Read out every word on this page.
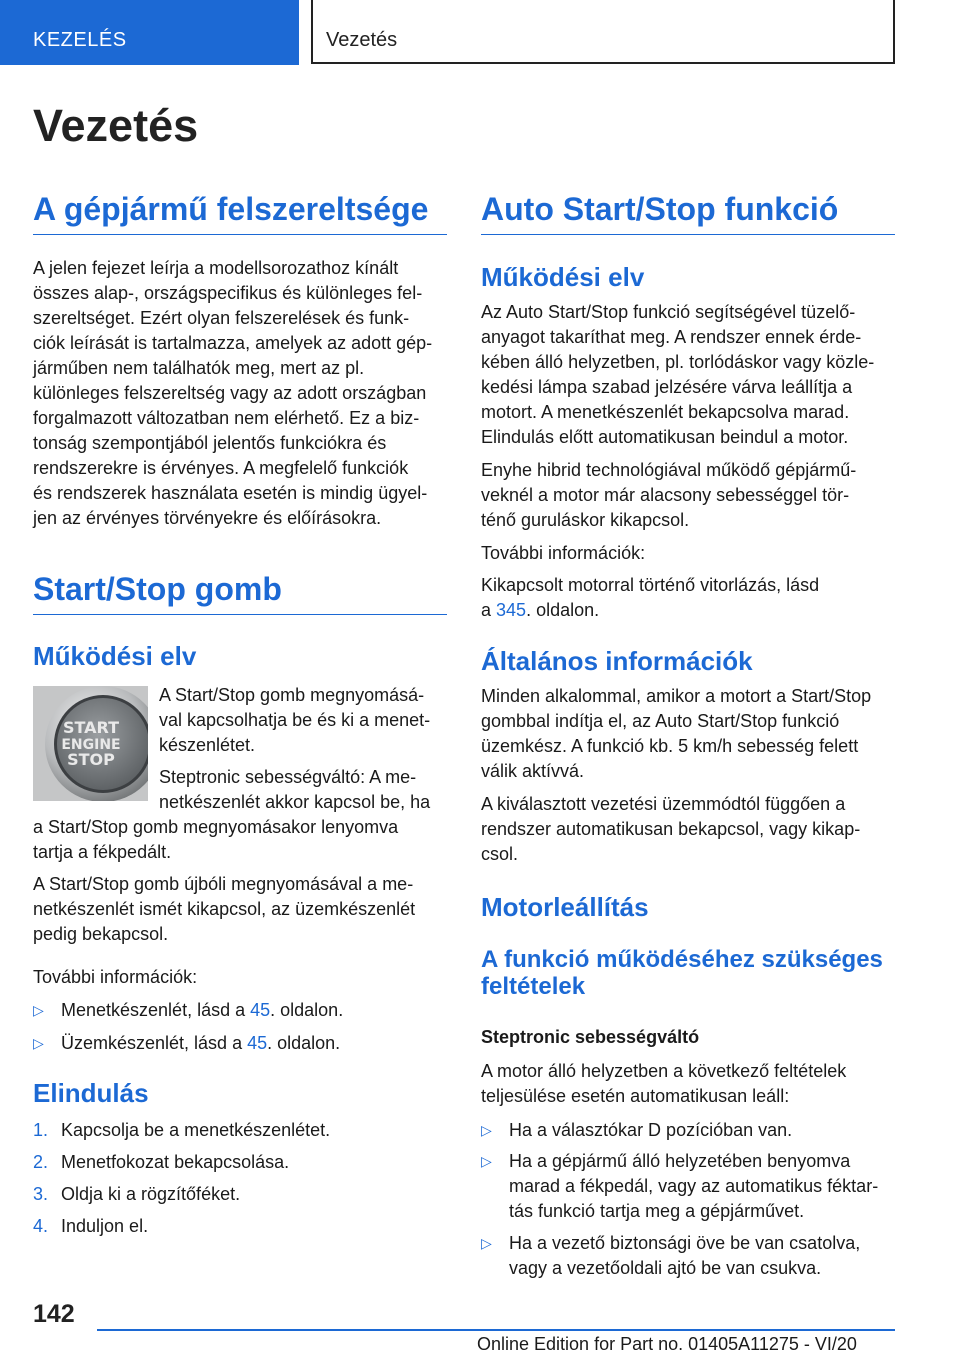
KEZELÉS	Vezetés
Vezetés
A gépjármű felszereltsége
A jelen fejezet leírja a modellsorozathoz kínált
összes alap-, országspecifikus és különleges fel-
szereltséget. Ezért olyan felszerelések és funk-
ciók leírását is tartalmazza, amelyek az adott gép-
járműben nem találhatók meg, mert az pl.
különleges felszereltség vagy az adott országban
forgalmazott változatban nem elérhető. Ez a biz-
tonság szempontjából jelentős funkciókra és
rendszerekre is érvényes. A megfelelő funkciók
és rendszerek használata esetén is mindig ügyel-
jen az érvényes törvényekre és előírásokra.
Start/Stop gomb
Működési elv
START
ENGINE
STOP
A Start/Stop gomb megnyomásá-
val kapcsolhatja be és ki a menet-
készenlétet.
Steptronic sebességváltó: A me-
netkészenlét akkor kapcsol be, ha
a Start/Stop gomb megnyomásakor lenyomva
tartja a fékpedált.
A Start/Stop gomb újbóli megnyomásával a me-
netkészenlét ismét kikapcsol, az üzemkészenlét
pedig bekapcsol.
További információk:
▷ Menetkészenlét, lásd a 45. oldalon.
▷ Üzemkészenlét, lásd a 45. oldalon.
Elindulás
1. Kapcsolja be a menetkészenlétet.
2. Menetfokozat bekapcsolása.
3. Oldja ki a rögzítőféket.
4. Induljon el.
Auto Start/Stop funkció
Működési elv
Az Auto Start/Stop funkció segítségével tüzelő-
anyagot takaríthat meg. A rendszer ennek érde-
kében álló helyzetben, pl. torlódáskor vagy közle-
kedési lámpa szabad jelzésére várva leállítja a
motort. A menetkészenlét bekapcsolva marad.
Elindulás előtt automatikusan beindul a motor.
Enyhe hibrid technológiával működő gépjármű-
veknél a motor már alacsony sebességgel tör-
ténő guruláskor kikapcsol.
További információk:
Kikapcsolt motorral történő vitorlázás, lásd
a 345. oldalon.
Általános információk
Minden alkalommal, amikor a motort a Start/Stop
gombbal indítja el, az Auto Start/Stop funkció
üzemkész. A funkció kb. 5 km/h sebesség felett
válik aktívvá.
A kiválasztott vezetési üzemmódtól függően a
rendszer automatikusan bekapcsol, vagy kikap-
csol.
Motorleállítás
A funkció működéséhez szükséges
feltételek
Steptronic sebességváltó
A motor álló helyzetben a következő feltételek
teljesülése esetén automatikusan leáll:
▷ Ha a választókar D pozícióban van.
▷ Ha a gépjármű álló helyzetében benyomva
marad a fékpedál, vagy az automatikus féktar-
tás funkció tartja meg a gépjárművet.
▷ Ha a vezető biztonsági öve be van csatolva,
vagy a vezetőoldali ajtó be van csukva.
142
Online Edition for Part no. 01405A11275 - VI/20
